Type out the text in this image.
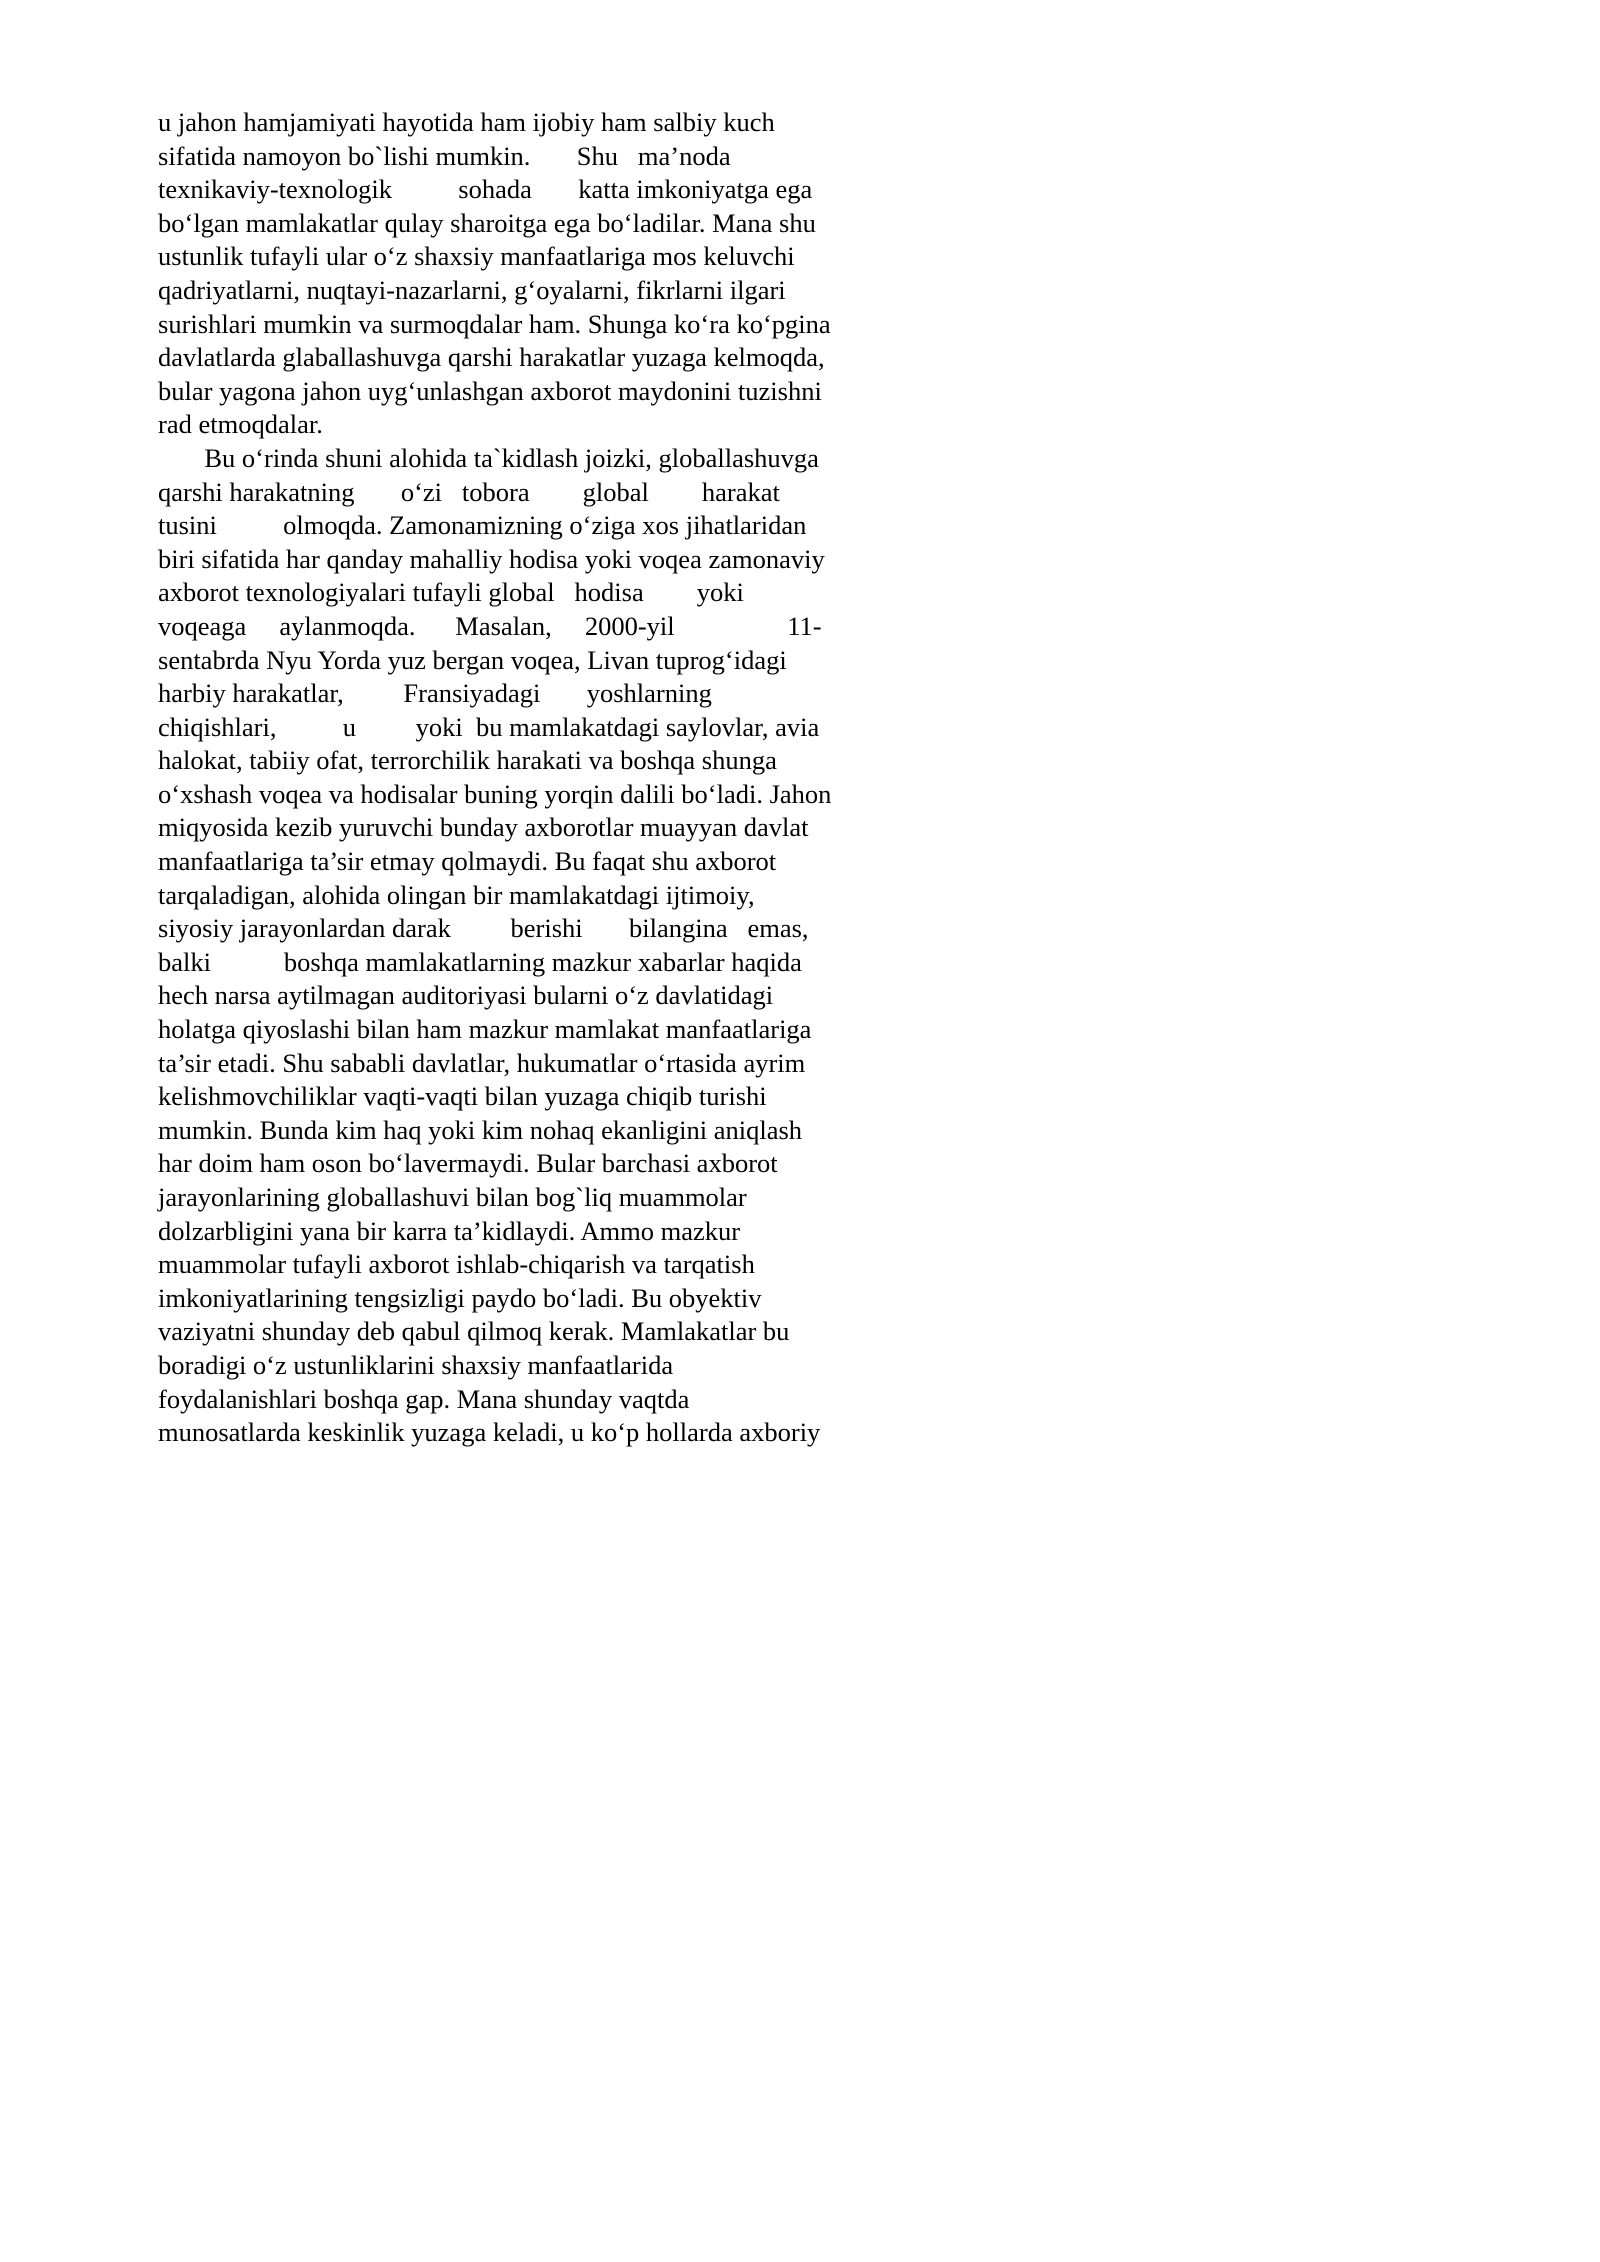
u jahon hamjamiyati hayotida ham ijobiy ham salbiy kuch
sifatida namoyon bo`lishi mumkin.       Shu   ma’noda
texnikaviy-texnologik          sohada       katta imkoniyatga ega
bo‘lgan mamlakatlar qulay sharoitga ega bo‘ladilar. Mana shu
ustunlik tufayli ular o‘z shaxsiy manfaatlariga mos keluvchi
qadriyatlarni, nuqtayi-nazarlarni, g‘oyalarni, fikrlarni ilgari
surishlari mumkin va surmoqdalar ham. Shunga ko‘ra ko‘pgina
davlatlarda glaballashuvga qarshi harakatlar yuzaga kelmoqda,
bular yagona jahon uyg‘unlashgan axborot maydonini tuzishni
rad etmoqdalar.
Bu o‘rinda shuni alohida ta`kidlash joizki, globallashuvga
qarshi harakatning       o‘zi   tobora        global        harakat
tusini          olmoqda. Zamonamizning o‘ziga xos jihatlaridan
biri sifatida har qanday mahalliy hodisa yoki voqea zamonaviy
axborot texnologiyalari tufayli global   hodisa        yoki
voqeaga     aylanmoqda.      Masalan,     2000-yil                 11-
sentabrda Nyu Yorda yuz bergan voqea, Livan tuprog‘idagi
harbiy harakatlar,         Fransiyadagi       yoshlarning
chiqishlari,          u         yoki  bu mamlakatdagi saylovlar, avia
halokat, tabiiy ofat, terrorchilik harakati va boshqa shunga
o‘xshash voqea va hodisalar buning yorqin dalili bo‘ladi. Jahon
miqyosida kezib yuruvchi bunday axborotlar muayyan davlat
manfaatlariga ta’sir etmay qolmaydi. Bu faqat shu axborot
tarqaladigan, alohida olingan bir mamlakatdagi ijtimoiy,
siyosiy jarayonlardan darak         berishi       bilangina   emas,
balki           boshqa mamlakatlarning mazkur xabarlar haqida
hech narsa aytilmagan auditoriyasi bularni o‘z davlatidagi
holatga qiyoslashi bilan ham mazkur mamlakat manfaatlariga
ta’sir etadi. Shu sababli davlatlar, hukumatlar o‘rtasida ayrim
kelishmovchiliklar vaqti-vaqti bilan yuzaga chiqib turishi
mumkin. Bunda kim haq yoki kim nohaq ekanligini aniqlash
har doim ham oson bo‘lavermaydi. Bular barchasi axborot
jarayonlarining globallashuvi bilan bog`liq muammolar
dolzarbligini yana bir karra ta’kidlaydi. Ammo mazkur
muammolar tufayli axborot ishlab-chiqarish va tarqatish
imkoniyatlarining tengsizligi paydo bo‘ladi. Bu obyektiv
vaziyatni shunday deb qabul qilmoq kerak. Mamlakatlar bu
boradigi o‘z ustunliklarini shaxsiy manfaatlarida
foydalanishlari boshqa gap. Mana shunday vaqtda
munosatlarda keskinlik yuzaga keladi, u ko‘p hollarda axboriy
